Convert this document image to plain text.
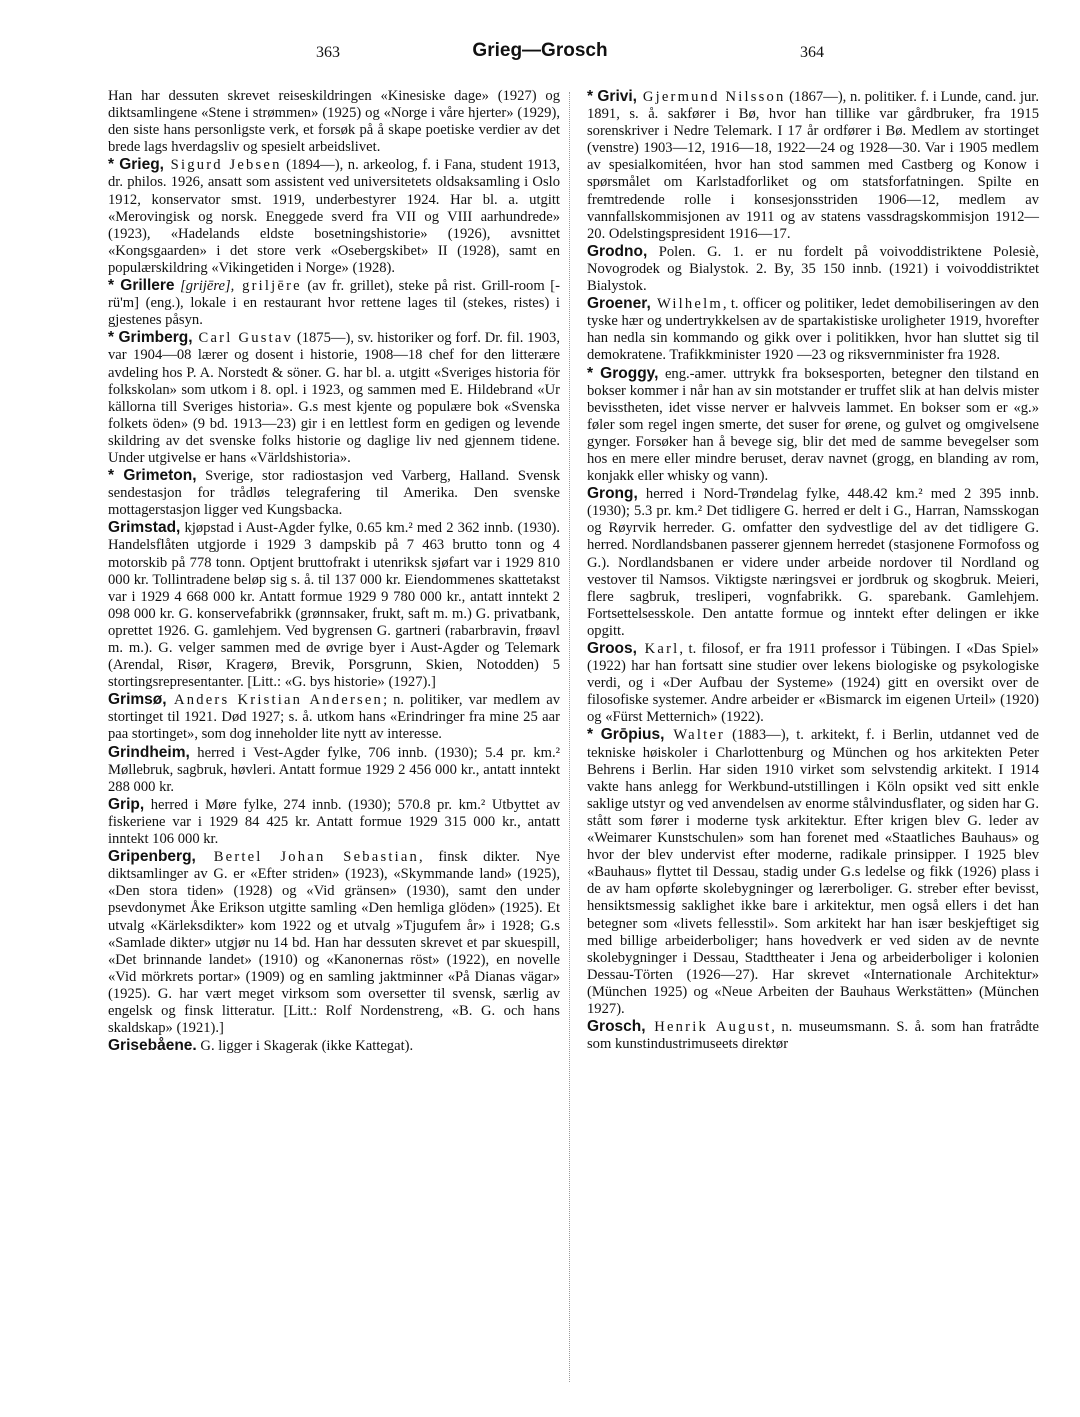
363	Grieg—Grosch	364

Han har dessuten skrevet reiseskildringen «Kinesiske dage» (1927) og diktsamlingene «Stene i strømmen» (1925) og «Norge i våre hjerter» (1929), den siste hans personligste verk, et forsøk på å skape poetiske verdier av det brede lags hverdagsliv og spesielt arbeidslivet.

* Grieg, Sigurd Jebsen (1894—), n. arkeolog, f. i Fana, student 1913, dr. philos. 1926, ansatt som assistent ved universitetets oldsaksamling i Oslo 1912, konservator smst. 1919, underbestyrer 1924. Har bl. a. utgitt «Merovingisk og norsk. Eneggede sverd fra VII og VIII aarhundrede» (1923), «Hadelands eldste bosetningshistorie» (1926), avsnittet «Kongsgaarden» i det store verk «Osebergskibet» II (1928), samt en populærskildring «Vikingetiden i Norge» (1928).

* Grillere [grijēre], griljēre (av fr. grillet), steke på rist. Grill-room [-rü'm] (eng.), lokale i en restaurant hvor rettene lages til (stekes, ristes) i gjestenes påsyn.

* Grimberg, Carl Gustav (1875—), sv. historiker og forf. Dr. fil. 1903, var 1904—08 lærer og dosent i historie, 1908—18 chef for den litterære avdeling hos P. A. Norstedt & söner. G. har bl. a. utgitt «Sveriges historia för folkskolan» som utkom i 8. opl. i 1923, og sammen med E. Hildebrand «Ur källorna till Sveriges historia». G.s mest kjente og populære bok «Svenska folkets öden» (9 bd. 1913—23) gir i en lettlest form en gedigen og levende skildring av det svenske folks historie og daglige liv ned gjennem tidene. Under utgivelse er hans «Världshistoria».

* Grimeton, Sverige, stor radiostasjon ved Varberg, Halland. Svensk sendestasjon for trådløs telegrafering til Amerika. Den svenske mottagerstasjon ligger ved Kungsbacka.

Grimstad, kjøpstad i Aust-Agder fylke, 0.65 km.² med 2 362 innb. (1930). Handelsflåten utgjorde i 1929 3 dampskib på 7 463 brutto tonn og 4 motorskib på 778 tonn. Optjent bruttofrakt i utenriksk sjøfart var i 1929 810 000 kr. Tollintradene beløp sig s. å. til 137 000 kr. Eiendommenes skattetakst var i 1929 4 668 000 kr. Antatt formue 1929 9 780 000 kr., antatt inntekt 2 098 000 kr. G. konservefabrikk (grønnsaker, frukt, saft m. m.) G. privatbank, oprettet 1926. G. gamlehjem. Ved bygrensen G. gartneri (rabarbravin, frøavl m. m.). G. velger sammen med de øvrige byer i Aust-Agder og Telemark (Arendal, Risør, Kragerø, Brevik, Porsgrunn, Skien, Notodden) 5 stortingsrepresentanter. [Litt.: «G. bys historie» (1927).]

Grimsø, Anders Kristian Andersen; n. politiker, var medlem av stortinget til 1921. Død 1927; s. å. utkom hans «Erindringer fra mine 25 aar paa stortinget», som dog inneholder lite nytt av interesse.

Grindheim, herred i Vest-Agder fylke, 706 innb. (1930); 5.4 pr. km.² Møllebruk, sagbruk, høvleri. Antatt formue 1929 2 456 000 kr., antatt inntekt 288 000 kr.

Grip, herred i Møre fylke, 274 innb. (1930); 570.8 pr. km.² Utbyttet av fiskeriene var i 1929 84 425 kr. Antatt formue 1929 315 000 kr., antatt inntekt 106 000 kr.

Gripenberg, Bertel Johan Sebastian, finsk dikter. Nye diktsamlinger av G. er «Efter striden» (1923), «Skymmande land» (1925), «Den stora tiden» (1928) og «Vid gränsen» (1930), samt den under psevdonymet Åke Erikson utgitte samling «Den hemliga glöden» (1925). Et utvalg «Kärleksdikter» kom 1922 og et utvalg »Tjugufem år» i 1928; G.s «Samlade dikter» utgjør nu 14 bd. Han har dessuten skrevet et par skuespill, «Det brinnande landet» (1910) og «Kanonernas röst» (1922), en novelle «Vid mörkrets portar» (1909) og en samling jaktminner «På Dianas vägar» (1925). G. har vært meget virksom som oversetter til svensk, særlig av engelsk og finsk litteratur. [Litt.: Rolf Nordenstreng, «B. G. och hans skaldskap» (1921).]

Grisebåene. G. ligger i Skagerak (ikke Kattegat).

* Grivi, Gjermund Nilsson (1867—), n. politiker. f. i Lunde, cand. jur. 1891, s. å. sakfører i Bø, hvor han tillike var gårdbruker, fra 1915 sorenskriver i Nedre Telemark. I 17 år ordfører i Bø. Medlem av stortinget (venstre) 1903—12, 1916—18, 1922—24 og 1928—30. Var i 1905 medlem av spesialkomitéen, hvor han stod sammen med Castberg og Konow i spørsmålet om Karlstadforliket og om statsforfatningen. Spilte en fremtredende rolle i konsesjonsstriden 1906—12, medlem av vannfallskommisjonen av 1911 og av statens vassdragskommisjon 1912—20. Odelstingspresident 1916—17.

Grodno, Polen. G. 1. er nu fordelt på voivoddistriktene Polesiè, Novogrodek og Bialystok. 2. By, 35 150 innb. (1921) i voivoddistriktet Bialystok.

Groener, Wilhelm, t. officer og politiker, ledet demobiliseringen av den tyske hær og undertrykkelsen av de spartakistiske uroligheter 1919, hvorefter han nedla sin kommando og gikk over i politikken, hvor han sluttet sig til demokratene. Trafikkminister 1920 —23 og riksvernminister fra 1928.

* Groggy, eng.-amer. uttrykk fra boksesporten, betegner den tilstand en bokser kommer i når han av sin motstander er truffet slik at han delvis mister bevisstheten, idet visse nerver er halvveis lammet. En bokser som er «g.» føler som regel ingen smerte, det suser for ørene, og gulvet og omgivelsene gynger. Forsøker han å bevege sig, blir det med de samme bevegelser som hos en mere eller mindre beruset, derav navnet (grogg, en blanding av rom, konjakk eller whisky og vann).

Grong, herred i Nord-Trøndelag fylke, 448.42 km.² med 2 395 innb. (1930); 5.3 pr. km.² Det tidligere G. herred er delt i G., Harran, Namsskogan og Røyrvik herreder. G. omfatter den sydvestlige del av det tidligere G. herred. Nordlandsbanen passerer gjennem herredet (stasjonene Formofoss og G.). Nordlandsbanen er videre under arbeide nordover til Nordland og vestover til Namsos. Viktigste næringsvei er jordbruk og skogbruk. Meieri, flere sagbruk, tresliperi, vognfabrikk. G. sparebank. Gamlehjem. Fortsettelsesskole. Den antatte formue og inntekt efter delingen er ikke opgitt.

Groos, Karl, t. filosof, er fra 1911 professor i Tübingen. I «Das Spiel» (1922) har han fortsatt sine studier over lekens biologiske og psykologiske verdi, og i «Der Aufbau der Systeme» (1924) gitt en oversikt over de filosofiske systemer. Andre arbeider er «Bismarck im eigenen Urteil» (1920) og «Fürst Metternich» (1922).

* Grōpius, Walter (1883—), t. arkitekt, f. i Berlin, utdannet ved de tekniske høiskoler i Charlottenburg og München og hos arkitekten Peter Behrens i Berlin. Har siden 1910 virket som selvstendig arkitekt. I 1914 vakte hans anlegg for Werkbund-utstillingen i Köln opsikt ved sitt enkle saklige utstyr og ved anvendelsen av enorme stålvindusflater, og siden har G. stått som fører i moderne tysk arkitektur. Efter krigen blev G. leder av «Weimarer Kunstschulen» som han forenet med «Staatliches Bauhaus» og hvor der blev undervist efter moderne, radikale prinsipper. I 1925 blev «Bauhaus» flyttet til Dessau, stadig under G.s ledelse og fikk (1926) plass i de av ham opførte skolebygninger og lærerboliger. G. streber efter bevisst, hensiktsmessig saklighet ikke bare i arkitektur, men også ellers i det han betegner som «livets fellesstil». Som arkitekt har han især beskjeftiget sig med billige arbeiderboliger; hans hovedverk er ved siden av de nevnte skolebygninger i Dessau, Stadttheater i Jena og arbeiderboliger i kolonien Dessau-Törten (1926—27). Har skrevet «Internationale Architektur» (München 1925) og «Neue Arbeiten der Bauhaus Werkstätten» (München 1927).

Grosch, Henrik August, n. museumsmann. S. å. som han fratrådte som kunstindustrimuseets direktør
